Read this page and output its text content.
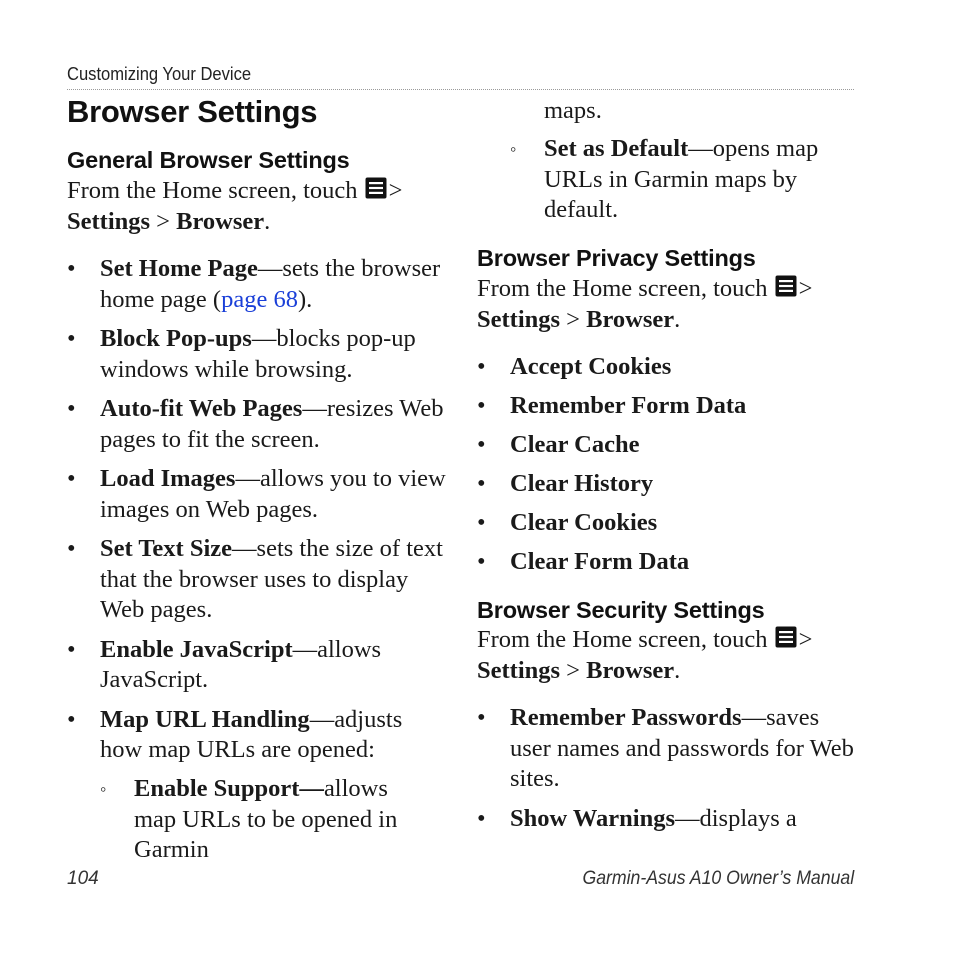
Customizing Your Device
Browser Settings
General Browser Settings

From the Home screen, touch >
Settings > Browser.

• Set Home Page—sets the browser home page (page 68).
• Block Pop-ups—blocks pop-up windows while browsing.
• Auto-fit Web Pages—resizes Web pages to fit the screen.
• Load Images—allows you to view images on Web pages.
• Set Text Size—sets the size of text that the browser uses to display Web pages.
• Enable JavaScript—allows JavaScript.
• Map URL Handling—adjusts how map URLs are opened:
◦ Enable Support—allows map URLs to be opened in Garmin

maps.

◦ Set as Default—opens map URLs in Garmin maps by default.

Browser Privacy Settings

From the Home screen, touch >
Settings > Browser.

• Accept Cookies
• Remember Form Data
• Clear Cache
• Clear History
• Clear Cookies
• Clear Form Data
Browser Security Settings

From the Home screen, touch >
Settings > Browser.

• Remember Passwords—saves user names and passwords for Web sites.
• Show Warnings—displays a
104	Garmin-Asus A10 Owner’s Manual
